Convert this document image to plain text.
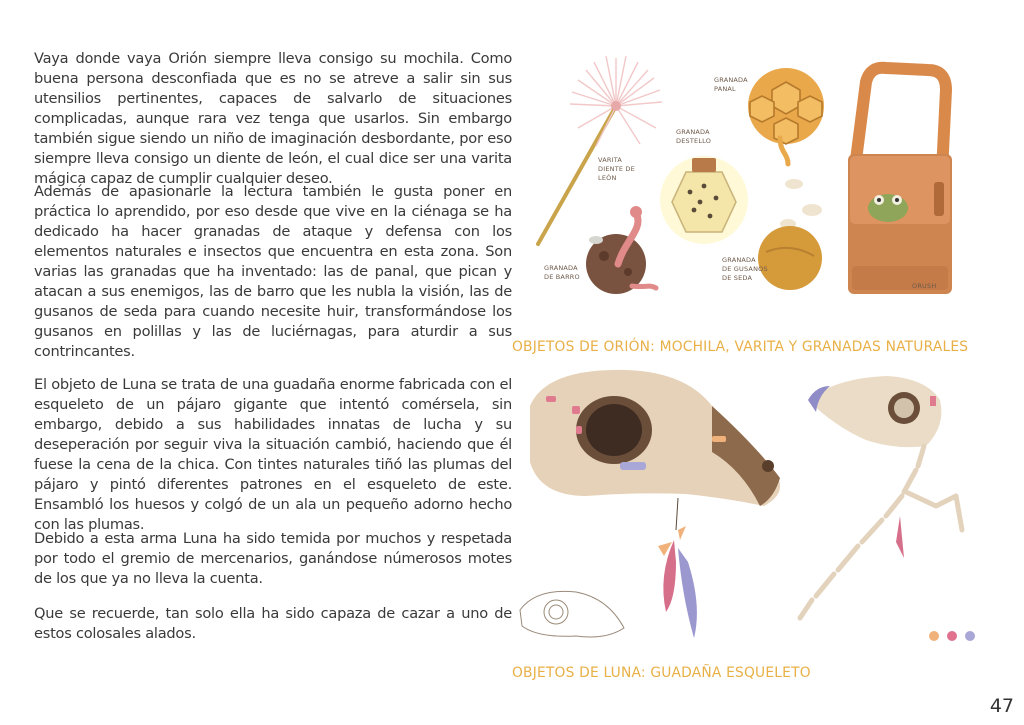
Vaya donde vaya Orión siempre lleva consigo su mochila. Como buena persona desconfiada que es no se atreve a salir sin sus utensilios pertinentes, capaces de salvarlo de situaciones complicadas, aunque rara vez tenga que usarlos. Sin embargo también sigue siendo un niño de imaginación desbordante, por eso siempre lleva consigo un diente de león, el cual dice ser una varita mágica capaz de cumplir cualquier deseo.

Además de apasionarle la lectura también le gusta poner en práctica lo aprendido, por eso desde que vive en la ciénaga se ha dedicado ha hacer granadas de ataque y defensa con los elementos naturales e insectos que encuentra en esta zona. Son varias las granadas que ha inventado: las de panal, que pican y atacan a sus enemigos, las de barro que les nubla la visión, las de gusanos de seda para cuando necesite huir, transformándose los gusanos en polillas y las de luciérnagas, para aturdir a sus contrincantes.

VARITA
DIENTE DE
LEÓN
GRANADA
DE BARRO
GRANADA
DESTELLO
GRANADA
PANAL
GRANADA
DE GUSANOS
DE SEDA
ORUSH

OBJETOS DE ORIÓN: MOCHILA, VARITA Y GRANADAS NATURALES

El objeto de Luna se trata de una guadaña enorme fabricada con el esqueleto de un pájaro gigante que intentó comérsela, sin embargo, debido a sus habilidades innatas de lucha y su deseperación por seguir viva la situación cambió, haciendo que él fuese la cena de la chica. Con tintes naturales tiñó las plumas del pájaro y pintó diferentes patrones en el esqueleto de este. Ensambló los huesos y colgó de un ala un pequeño adorno hecho con las plumas.

Debido a esta arma Luna ha sido temida por muchos y respetada por todo el gremio de mercenarios, ganándose númerosos motes de los que ya no lleva la cuenta.

Que se recuerde, tan solo ella ha sido capaza de cazar a uno de estos colosales alados.

OBJETOS DE LUNA: GUADAÑA ESQUELETO

47
